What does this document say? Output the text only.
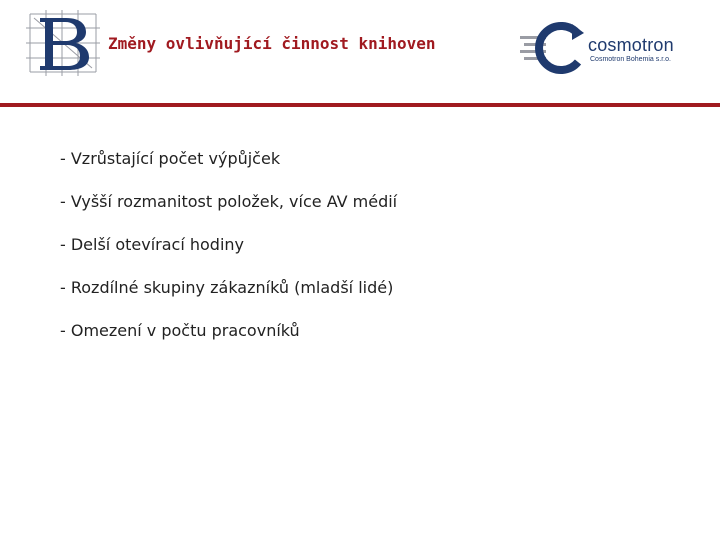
Změny ovlivňující činnost knihoven	cosmotron
Cosmotron Bohemia s.r.o.
- Vzrůstající počet výpůjček
- Vyšší rozmanitost položek, více AV médií
- Delší otevírací hodiny
- Rozdílné skupiny zákazníků (mladší lidé)
- Omezení v počtu pracovníků
